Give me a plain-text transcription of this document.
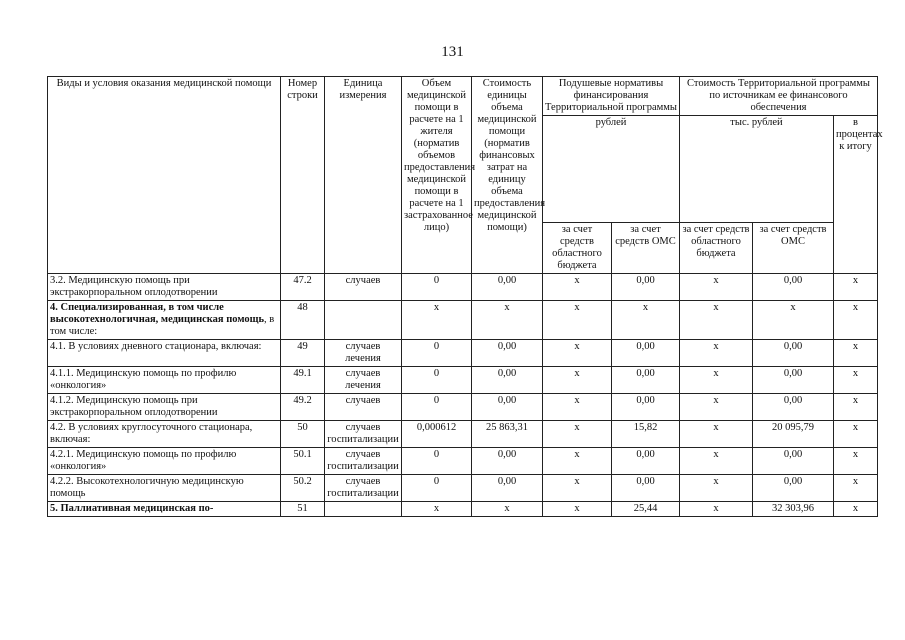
131
Виды и условия оказания медицинской помощи	Номер строки	Единица измерения	Объем медицинской помощи в расчете на 1 жителя (норматив объемов предоставления медицинской помощи в расчете на 1 застрахованное лицо)	Стоимость единицы объема медицинской помощи (норматив финансовых затрат на единицу объема предоставления медицинской помощи)	Подушевые нормативы финансирования Территориальной программы		Стоимость Территориальной программы по источникам ее финансового обеспечения		
					рублей		тыс. рублей		в процентах к итогу
					за счет средств областного бюджета	за счет средств ОМС	за счет средств областного бюджета	за счет средств ОМС	
3.2. Медицинскую помощь при экстракорпоральном оплодотворении	47.2	случаев	0	0,00	x	0,00	x	0,00	x
4. Специализированная, в том числе высокотехнологичная, медицинская помощь, в том числе:	48		x	x	x	x	x	x	x
4.1. В условиях дневного стационара, включая:	49	случаев лечения	0	0,00	x	0,00	x	0,00	x
4.1.1. Медицинскую помощь по профилю «онкология»	49.1	случаев лечения	0	0,00	x	0,00	x	0,00	x
4.1.2. Медицинскую помощь при экстракорпоральном оплодотворении	49.2	случаев	0	0,00	x	0,00	x	0,00	x
4.2. В условиях круглосуточного стационара, включая:	50	случаев госпитализации	0,000612	25 863,31	x	15,82	x	20 095,79	x
4.2.1. Медицинскую помощь по профилю «онкология»	50.1	случаев госпитализации	0	0,00	x	0,00	x	0,00	x
4.2.2. Высокотехнологичную медицинскую помощь	50.2	случаев госпитализации	0	0,00	x	0,00	x	0,00	x
5. Паллиативная медицинская по-	51		x	x	x	25,44	x	32 303,96	x
